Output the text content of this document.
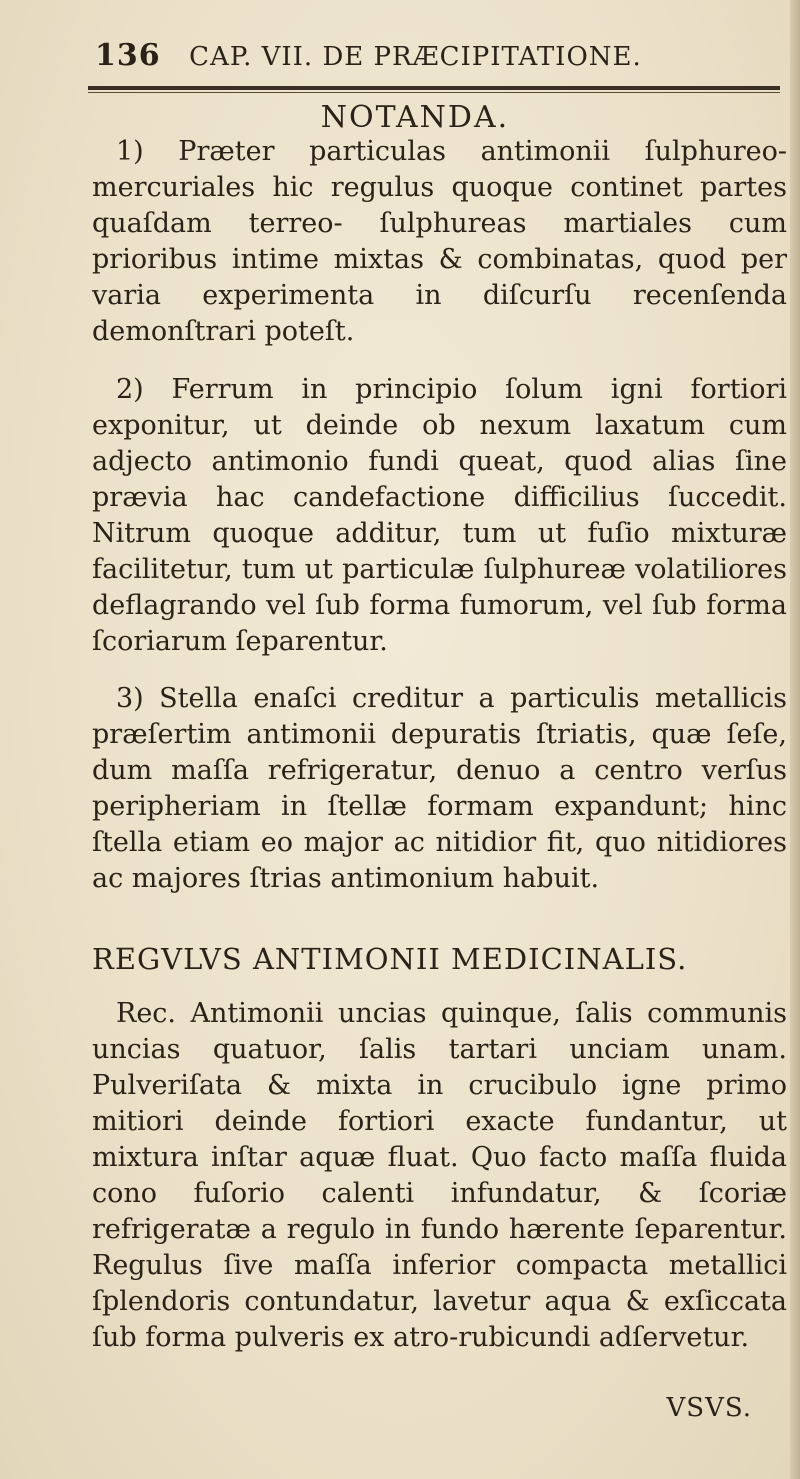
136 CAP. VII. DE PRÆCIPITATIONE.
NOTANDA.

1) Præter particulas antimonii ſulphureo-mercuriales hic regulus quoque continet partes quaſdam terreo- ſulphureas martiales cum prioribus intime mixtas & combinatas, quod per varia experimenta in diſcurſu recenſenda demonſtrari poteſt.

2) Ferrum in principio ſolum igni fortiori exponitur, ut deinde ob nexum laxatum cum adjecto antimonio fundi queat, quod alias ſine prævia hac candefactione difficilius ſuccedit. Nitrum quoque additur, tum ut fuſio mixturæ facilitetur, tum ut particulæ ſulphureæ volatiliores deflagrando vel ſub forma fumorum, vel ſub forma ſcoriarum ſeparentur.

3) Stella enaſci creditur a particulis metallicis præſertim antimonii depuratis ſtriatis, quæ ſeſe, dum maſſa refrigeratur, denuo a centro verſus peripheriam in ſtellæ formam expandunt; hinc ſtella etiam eo major ac nitidior fit, quo nitidiores ac majores ſtrias antimonium habuit.

REGVLVS ANTIMONII MEDICINALIS.

Rec. Antimonii uncias quinque, ſalis communis uncias quatuor, ſalis tartari unciam unam. Pulveriſata & mixta in crucibulo igne primo mitiori deinde fortiori exacte fundantur, ut mixtura inſtar aquæ fluat. Quo facto maſſa fluida cono fuſorio calenti infundatur, & ſcoriæ refrigeratæ a regulo in fundo hærente ſeparentur. Regulus ſive maſſa inferior compacta metallici ſplendoris contundatur, lavetur aqua & exſiccata ſub forma pulveris ex atro-rubicundi adſervetur.

VSVS.
